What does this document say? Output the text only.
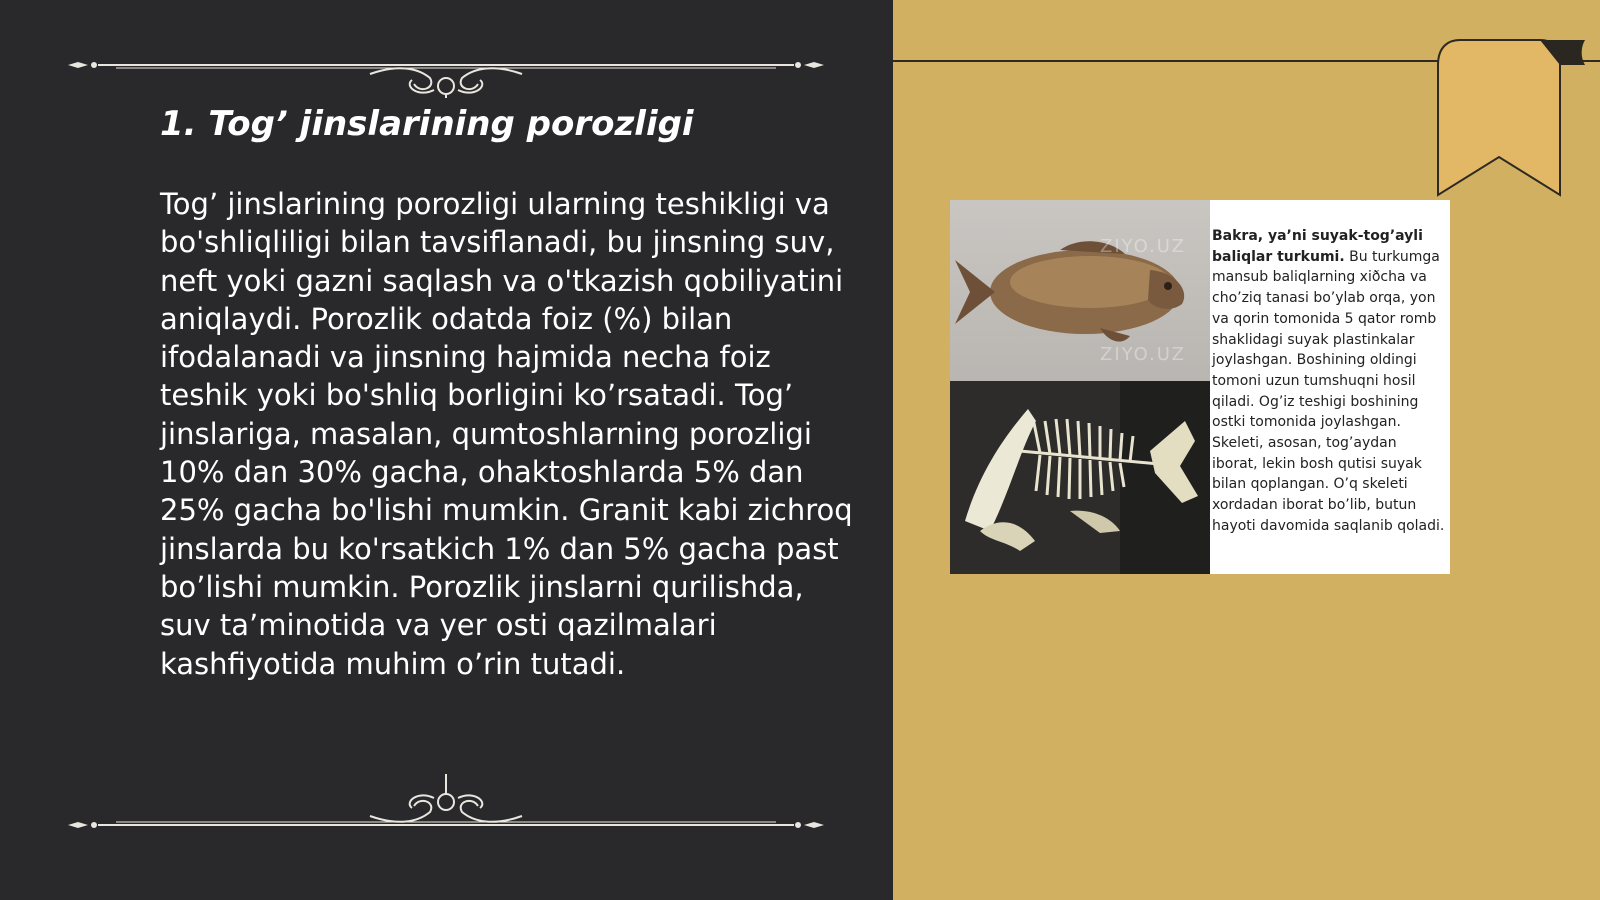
1. Tog’ jinslarining porozligi

Tog’ jinslarining porozligi ularning teshikligi va bo'shliqliligi bilan tavsiflanadi, bu jinsning suv, neft yoki gazni saqlash va o'tkazish qobiliyatini aniqlaydi. Porozlik odatda foiz (%) bilan ifodalanadi va jinsning hajmida necha foiz teshik yoki bo'shliq borligini ko’rsatadi. Tog’ jinslariga, masalan, qumtoshlarning porozligi 10% dan 30% gacha, ohaktoshlarda 5% dan 25% gacha bo'lishi mumkin. Granit kabi zichroq jinslarda bu ko'rsatkich 1% dan 5% gacha past bo’lishi mumkin. Porozlik jinslarni qurilishda, suv ta’minotida va yer osti qazilmalari kashfiyotida muhim o’rin tutadi.

ZIYO.UZ
ZIYO.UZ

Bakra, ya’ni suyak-tog’ayli baliqlar turkumi. Bu turkumga mansub baliqlarning xiðcha va cho’ziq tanasi bo’ylab orqa, yon va qorin tomonida 5 qator romb shaklidagi suyak plastinkalar joylashgan. Boshining oldingi tomoni uzun tumshuqni hosil qiladi. Og’iz teshigi boshining ostki tomonida joylashgan. Skeleti, asosan, tog’aydan iborat, lekin bosh qutisi suyak bilan qoplangan. O’q skeleti xordadan iborat bo’lib, butun hayoti davomida saqlanib qoladi.
